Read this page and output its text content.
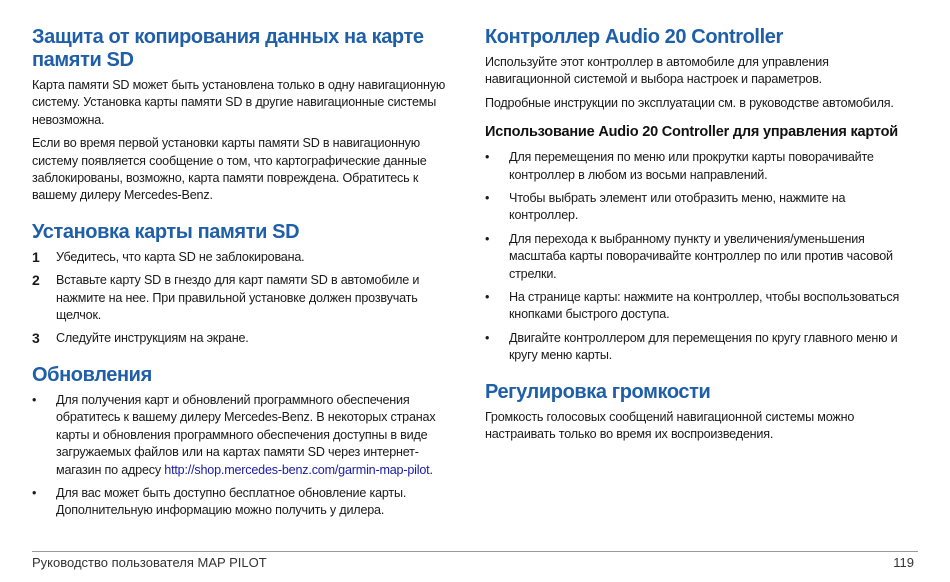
Защита от копирования данных на карте памяти SD

Карта памяти SD может быть установлена только в одну навигационную систему. Установка карты памяти SD в другие навигационные системы невозможна.

Если во время первой установки карты памяти SD в навигационную систему появляется сообщение о том, что картографические данные заблокированы, возможно, карта памяти повреждена. Обратитесь к вашему дилеру Mercedes-Benz.

Установка карты памяти SD
1 Убедитесь, что карта SD не заблокирована.
2 Вставьте карту SD в гнездо для карт памяти SD в автомобиле и нажмите на нее. При правильной установке должен прозвучать щелчок.
3 Следуйте инструкциям на экране.
Обновления
• Для получения карт и обновлений программного обеспечения обратитесь к вашему дилеру Mercedes-Benz. В некоторых странах карты и обновления программного обеспечения доступны в виде загружаемых файлов или на картах памяти SD через интернет-магазин по адресу http://shop.mercedes-benz.com/garmin-map-pilot.
• Для вас может быть доступно бесплатное обновление карты. Дополнительную информацию можно получить у дилера.
Контроллер Audio 20 Controller

Используйте этот контроллер в автомобиле для управления навигационной системой и выбора настроек и параметров.

Подробные инструкции по эксплуатации см. в руководстве автомобиля.

Использование Audio 20 Controller для управления картой
• Для перемещения по меню или прокрутки карты поворачивайте контроллер в любом из восьми направлений.
• Чтобы выбрать элемент или отобразить меню, нажмите на контроллер.
• Для перехода к выбранному пункту и увеличения/уменьшения масштаба карты поворачивайте контроллер по или против часовой стрелки.
• На странице карты: нажмите на контроллер, чтобы воспользоваться кнопками быстрого доступа.
• Двигайте контроллером для перемещения по кругу главного меню и кругу меню карты.
Регулировка громкости

Громкость голосовых сообщений навигационной системы можно настраивать только во время их воспроизведения.

Руководство пользователя MAP PILOT	119
